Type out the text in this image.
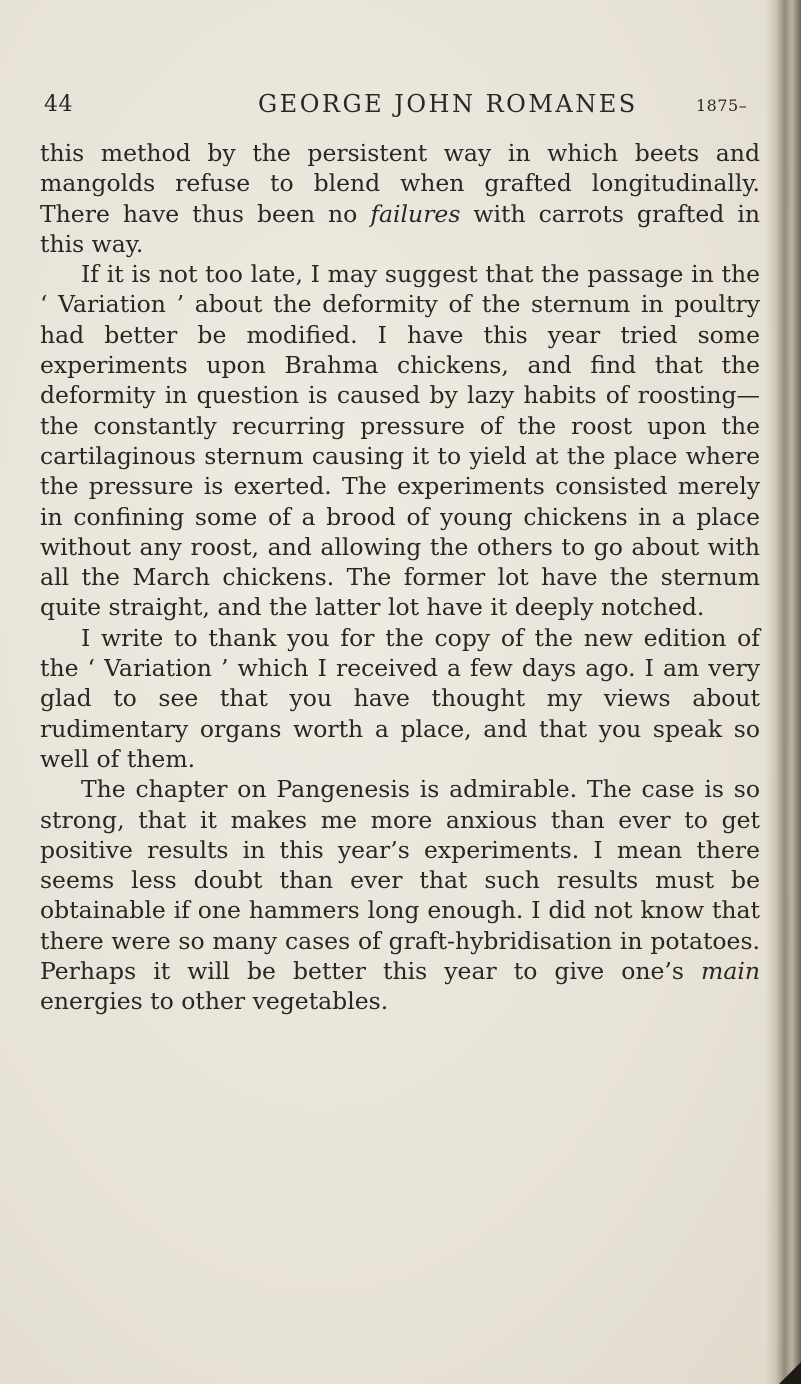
44	GEORGE JOHN ROMANES	1875–

this method by the persistent way in which beets and mangolds refuse to blend when grafted longitudinally. There have thus been no failures with carrots grafted in this way.

If it is not too late, I may suggest that the passage in the ‘ Variation ’ about the deformity of the sternum in poultry had better be modified. I have this year tried some experiments upon Brahma chickens, and find that the deformity in question is caused by lazy habits of roosting—the constantly recurring pressure of the roost upon the cartilaginous sternum causing it to yield at the place where the pressure is exerted. The experiments consisted merely in confining some of a brood of young chickens in a place without any roost, and allowing the others to go about with all the March chickens. The former lot have the sternum quite straight, and the latter lot have it deeply notched.

I write to thank you for the copy of the new edition of the ‘ Variation ’ which I received a few days ago. I am very glad to see that you have thought my views about rudimentary organs worth a place, and that you speak so well of them.

The chapter on Pangenesis is admirable. The case is so strong, that it makes me more anxious than ever to get positive results in this year’s experiments. I mean there seems less doubt than ever that such results must be obtainable if one hammers long enough. I did not know that there were so many cases of graft-hybridisation in potatoes. Perhaps it will be better this year to give one’s main energies to other vegetables.
